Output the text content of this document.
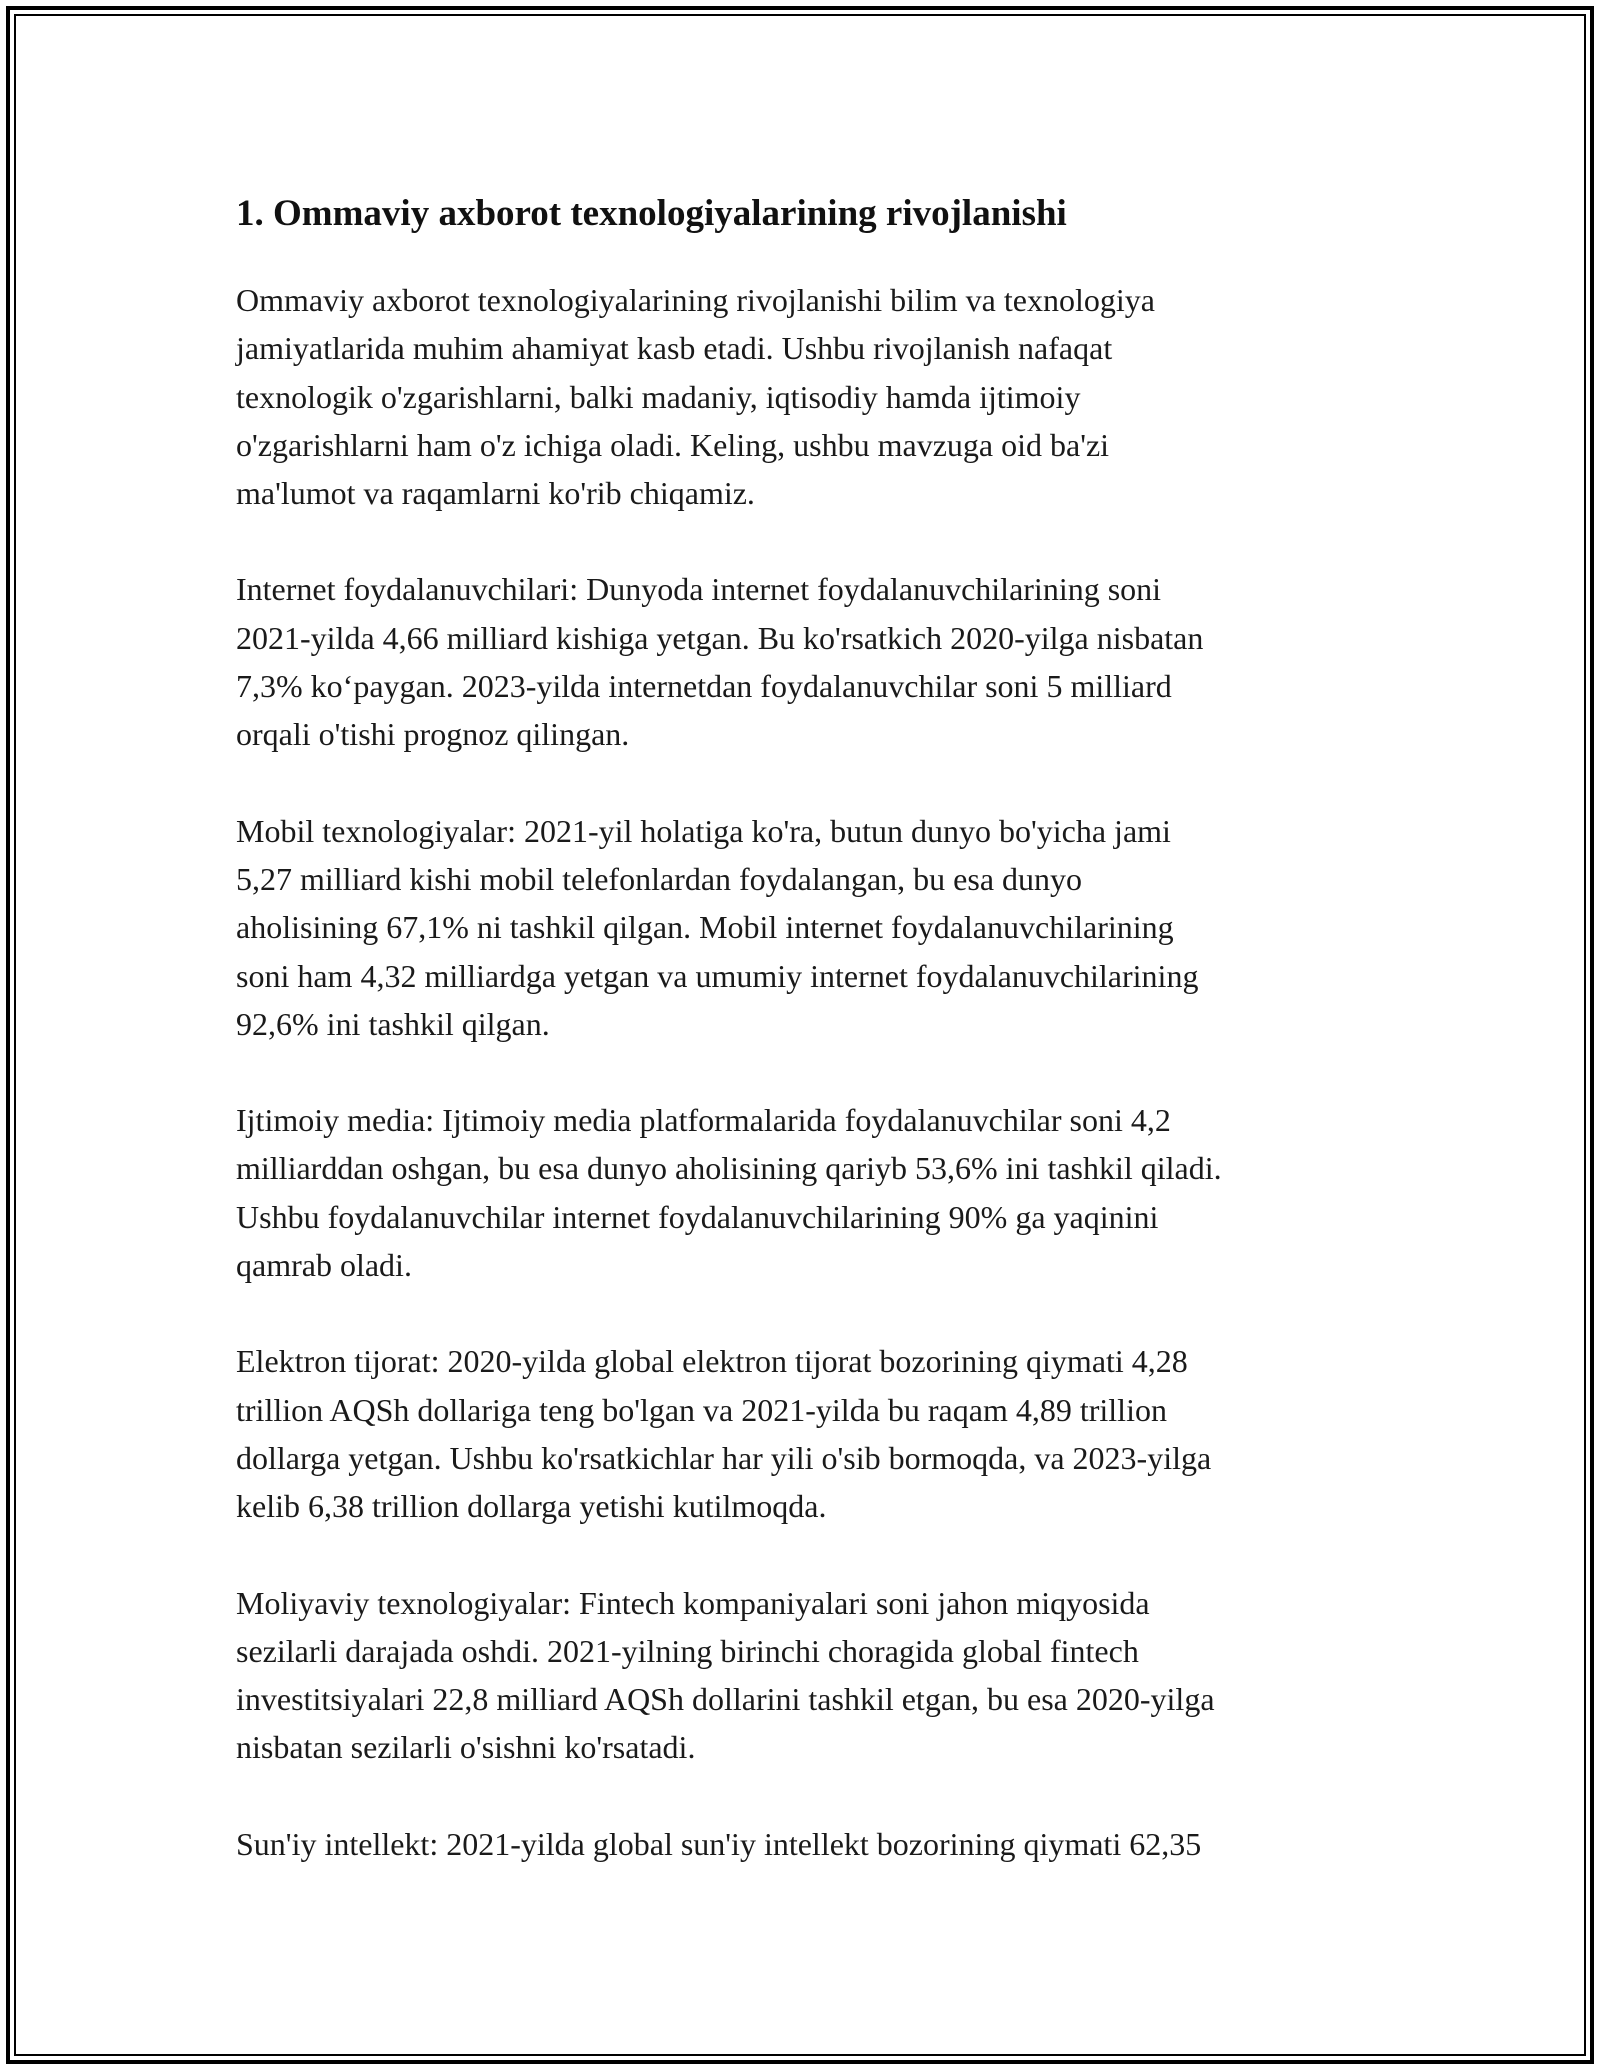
1. Ommaviy axborot texnologiyalarining rivojlanishi

Ommaviy axborot texnologiyalarining rivojlanishi bilim va texnologiya
jamiyatlarida muhim ahamiyat kasb etadi. Ushbu rivojlanish nafaqat
texnologik o'zgarishlarni, balki madaniy, iqtisodiy hamda ijtimoiy
o'zgarishlarni ham o'z ichiga oladi. Keling, ushbu mavzuga oid ba'zi
ma'lumot va raqamlarni ko'rib chiqamiz.

Internet foydalanuvchilari: Dunyoda internet foydalanuvchilarining soni
2021-yilda 4,66 milliard kishiga yetgan. Bu ko'rsatkich 2020-yilga nisbatan
7,3% ko‘paygan. 2023-yilda internetdan foydalanuvchilar soni 5 milliard
orqali o'tishi prognoz qilingan.

Mobil texnologiyalar: 2021-yil holatiga ko'ra, butun dunyo bo'yicha jami
5,27 milliard kishi mobil telefonlardan foydalangan, bu esa dunyo
aholisining 67,1% ni tashkil qilgan. Mobil internet foydalanuvchilarining
soni ham 4,32 milliardga yetgan va umumiy internet foydalanuvchilarining
92,6% ini tashkil qilgan.

Ijtimoiy media: Ijtimoiy media platformalarida foydalanuvchilar soni 4,2
milliarddan oshgan, bu esa dunyo aholisining qariyb 53,6% ini tashkil qiladi.
Ushbu foydalanuvchilar internet foydalanuvchilarining 90% ga yaqinini
qamrab oladi.

Elektron tijorat: 2020-yilda global elektron tijorat bozorining qiymati 4,28
trillion AQSh dollariga teng bo'lgan va 2021-yilda bu raqam 4,89 trillion
dollarga yetgan. Ushbu ko'rsatkichlar har yili o'sib bormoqda, va 2023-yilga
kelib 6,38 trillion dollarga yetishi kutilmoqda.

Moliyaviy texnologiyalar: Fintech kompaniyalari soni jahon miqyosida
sezilarli darajada oshdi. 2021-yilning birinchi choragida global fintech
investitsiyalari 22,8 milliard AQSh dollarini tashkil etgan, bu esa 2020-yilga
nisbatan sezilarli o'sishni ko'rsatadi.

Sun'iy intellekt: 2021-yilda global sun'iy intellekt bozorining qiymati 62,35
